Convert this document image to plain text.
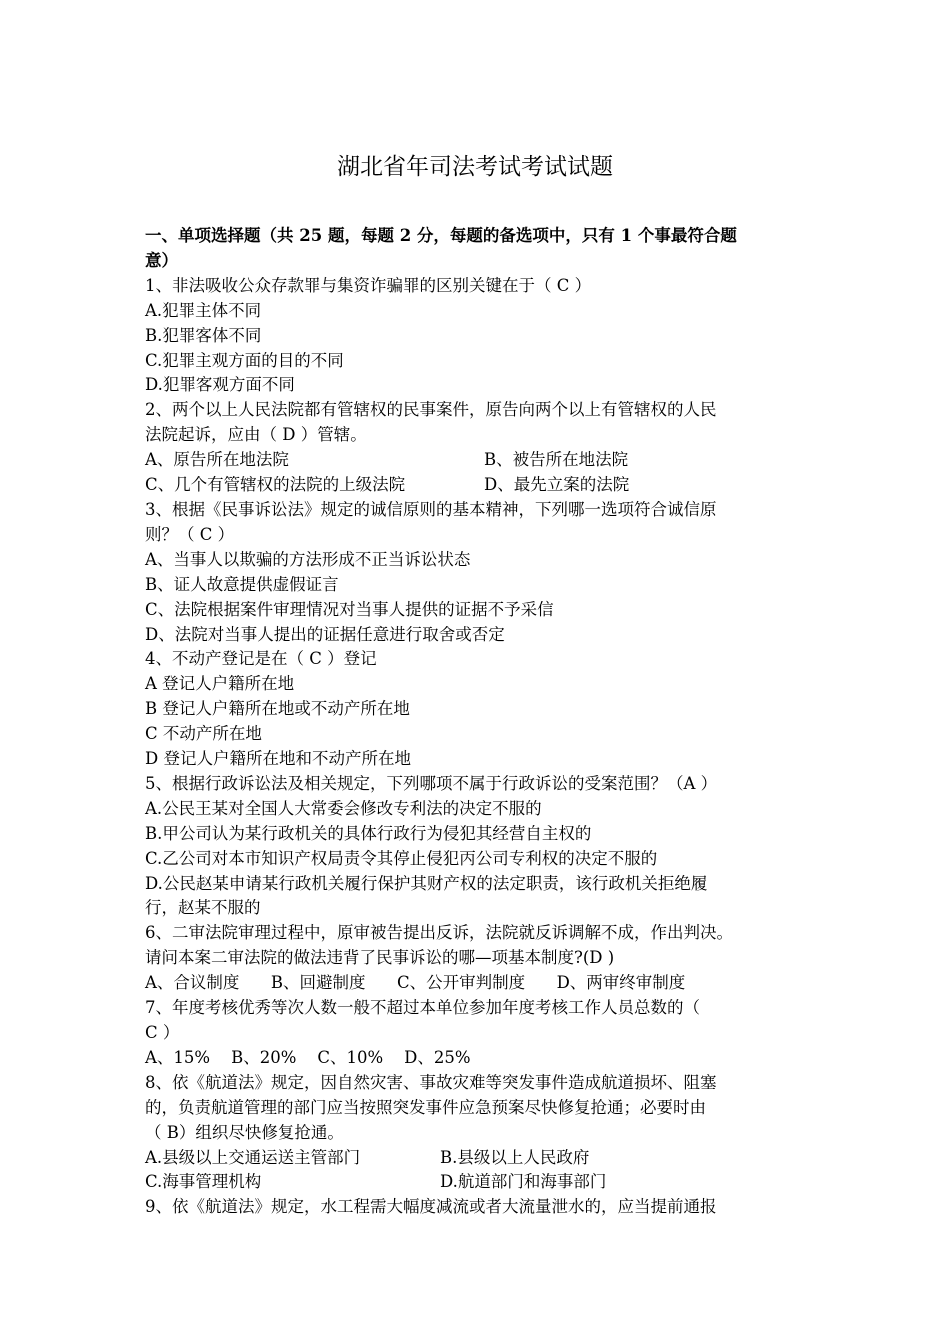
湖北省年司法考试考试试题
一、单项选择题（共 25 题，每题 2 分，每题的备选项中，只有 1 个事最符合题
意）
1、非法吸收公众存款罪与集资诈骗罪的区别关键在于（ C ）
A.犯罪主体不同
B.犯罪客体不同
C.犯罪主观方面的目的不同
D.犯罪客观方面不同
2、两个以上人民法院都有管辖权的民事案件，原告向两个以上有管辖权的人民
法院起诉，应由（ D ）管辖。
A、原告所在地法院	B、被告所在地法院
C、几个有管辖权的法院的上级法院	D、最先立案的法院
3、根据《民事诉讼法》规定的诚信原则的基本精神，下列哪一选项符合诚信原
则？（ C ）
A、当事人以欺骗的方法形成不正当诉讼状态
B、证人故意提供虚假证言
C、法院根据案件审理情况对当事人提供的证据不予采信
D、法院对当事人提出的证据任意进行取舍或否定
4、不动产登记是在（ C ）登记
A 登记人户籍所在地
B 登记人户籍所在地或不动产所在地
C 不动产所在地
D 登记人户籍所在地和不动产所在地
5、根据行政诉讼法及相关规定，下列哪项不属于行政诉讼的受案范围？（A ）
A.公民王某对全国人大常委会修改专利法的决定不服的
B.甲公司认为某行政机关的具体行政行为侵犯其经营自主权的
C.乙公司对本市知识产权局责令其停止侵犯丙公司专利权的决定不服的
D.公民赵某申请某行政机关履行保护其财产权的法定职责，该行政机关拒绝履
行，赵某不服的
6、二审法院审理过程中，原审被告提出反诉，法院就反诉调解不成，作出判决。
请问本案二审法院的做法违背了民事诉讼的哪—项基本制度?(D )
A、合议制度      B、回避制度      C、公开审判制度      D、两审终审制度
7、年度考核优秀等次人数一般不超过本单位参加年度考核工作人员总数的（
C ）
A、15%    B、20%    C、10%    D、25%
8、依《航道法》规定，因自然灾害、事故灾难等突发事件造成航道损坏、阻塞
的，负责航道管理的部门应当按照突发事件应急预案尽快修复抢通；必要时由
（ B）组织尽快修复抢通。
A.县级以上交通运送主管部门	B.县级以上人民政府
C.海事管理机构	D.航道部门和海事部门
9、依《航道法》规定，水工程需大幅度减流或者大流量泄水的，应当提前通报
